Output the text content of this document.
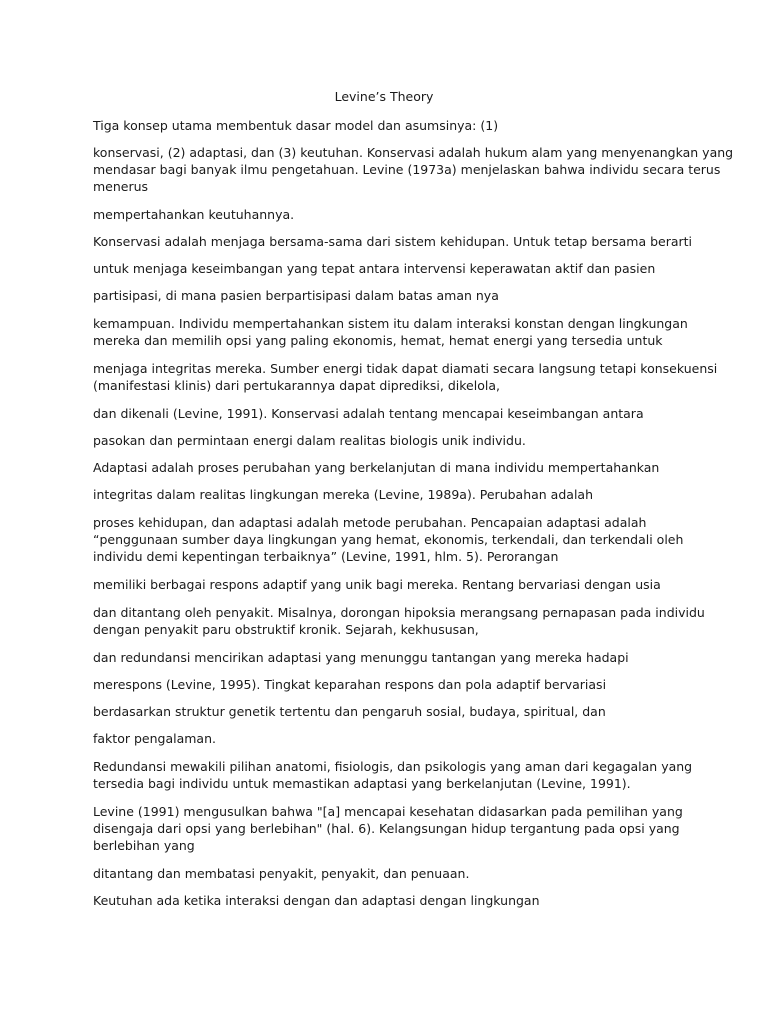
Levine’s Theory
Tiga konsep utama membentuk dasar model dan asumsinya: (1)
konservasi, (2) adaptasi, dan (3) keutuhan. Konservasi adalah hukum alam yang menyenangkan yang
mendasar bagi banyak ilmu pengetahuan. Levine (1973a) menjelaskan bahwa individu secara terus
menerus
mempertahankan keutuhannya.
Konservasi adalah menjaga bersama-sama dari sistem kehidupan. Untuk tetap bersama berarti
untuk menjaga keseimbangan yang tepat antara intervensi keperawatan aktif dan pasien
partisipasi, di mana pasien berpartisipasi dalam batas aman nya
kemampuan. Individu mempertahankan sistem itu dalam interaksi konstan dengan lingkungan
mereka dan memilih opsi yang paling ekonomis, hemat, hemat energi yang tersedia untuk
menjaga integritas mereka. Sumber energi tidak dapat diamati secara langsung tetapi konsekuensi
(manifestasi klinis) dari pertukarannya dapat diprediksi, dikelola,
dan dikenali (Levine, 1991). Konservasi adalah tentang mencapai keseimbangan antara
pasokan dan permintaan energi dalam realitas biologis unik individu.
Adaptasi adalah proses perubahan yang berkelanjutan di mana individu mempertahankan
integritas dalam realitas lingkungan mereka (Levine, 1989a). Perubahan adalah
proses kehidupan, dan adaptasi adalah metode perubahan. Pencapaian adaptasi adalah
“penggunaan sumber daya lingkungan yang hemat, ekonomis, terkendali, dan terkendali oleh
individu demi kepentingan terbaiknya” (Levine, 1991, hlm. 5). Perorangan
memiliki berbagai respons adaptif yang unik bagi mereka. Rentang bervariasi dengan usia
dan ditantang oleh penyakit. Misalnya, dorongan hipoksia merangsang pernapasan pada individu
dengan penyakit paru obstruktif kronik. Sejarah, kekhususan,
dan redundansi mencirikan adaptasi yang menunggu tantangan yang mereka hadapi
merespons (Levine, 1995). Tingkat keparahan respons dan pola adaptif bervariasi
berdasarkan struktur genetik tertentu dan pengaruh sosial, budaya, spiritual, dan
faktor pengalaman.
Redundansi mewakili pilihan anatomi, fisiologis, dan psikologis yang aman dari kegagalan yang
tersedia bagi individu untuk memastikan adaptasi yang berkelanjutan (Levine, 1991).
Levine (1991) mengusulkan bahwa "[a] mencapai kesehatan didasarkan pada pemilihan yang
disengaja dari opsi yang berlebihan" (hal. 6). Kelangsungan hidup tergantung pada opsi yang
berlebihan yang
ditantang dan membatasi penyakit, penyakit, dan penuaan.
Keutuhan ada ketika interaksi dengan dan adaptasi dengan lingkungan
